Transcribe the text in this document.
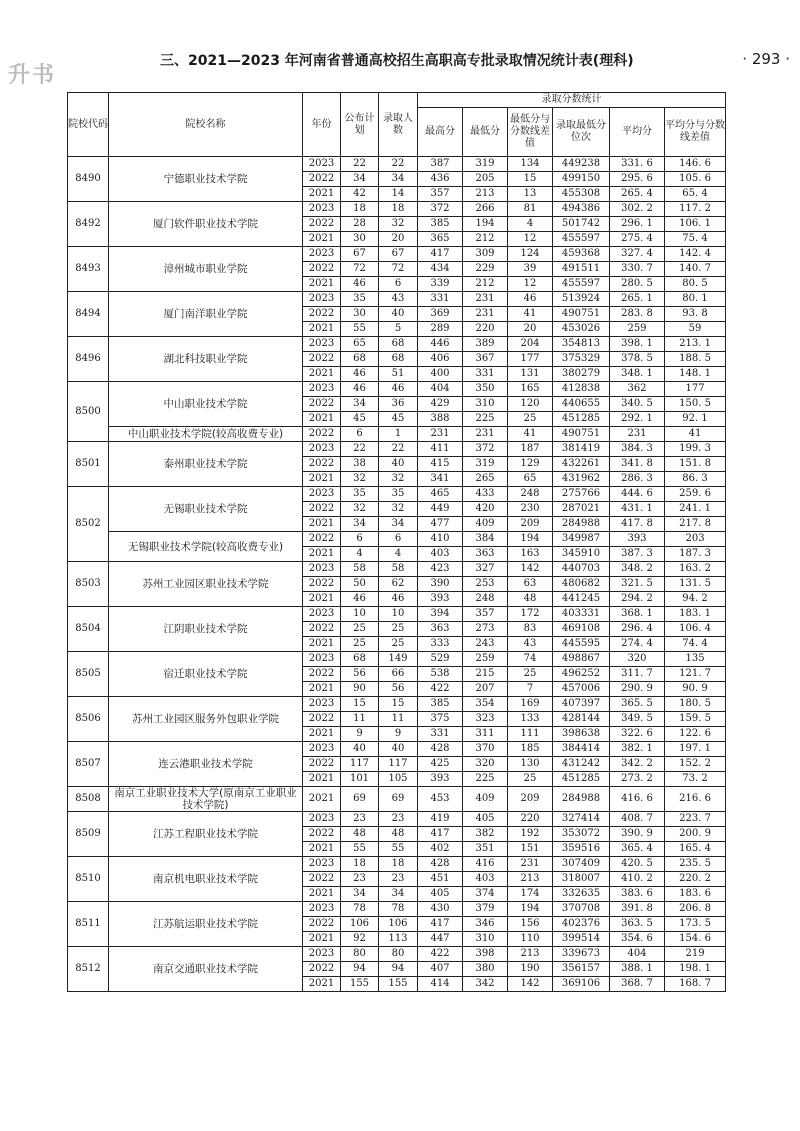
升书
三、2021—2023 年河南省普通高校招生高职高专批录取情况统计表(理科)	· 293 ·
院校代码	院校名称	年份	公布计划	录取人数	录取分数统计					
					最高分	最低分	最低分与分数线差值	录取最低分位次	平均分	平均分与分数线差值
8490	宁德职业技术学院	2023	22	22	387	319	134	449238	331. 6	146. 6
		2022	34	34	436	205	15	499150	295. 6	105. 6
		2021	42	14	357	213	13	455308	265. 4	65. 4
8492	厦门软件职业技术学院	2023	18	18	372	266	81	494386	302. 2	117. 2
		2022	28	32	385	194	4	501742	296. 1	106. 1
		2021	30	20	365	212	12	455597	275. 4	75. 4
8493	漳州城市职业学院	2023	67	67	417	309	124	459368	327. 4	142. 4
		2022	72	72	434	229	39	491511	330. 7	140. 7
		2021	46	6	339	212	12	455597	280. 5	80. 5
8494	厦门南洋职业学院	2023	35	43	331	231	46	513924	265. 1	80. 1
		2022	30	40	369	231	41	490751	283. 8	93. 8
		2021	55	5	289	220	20	453026	259	59
8496	湖北科技职业学院	2023	65	68	446	389	204	354813	398. 1	213. 1
		2022	68	68	406	367	177	375329	378. 5	188. 5
		2021	46	51	400	331	131	380279	348. 1	148. 1
8500	中山职业技术学院	2023	46	46	404	350	165	412838	362	177
		2022	34	36	429	310	120	440655	340. 5	150. 5
		2021	45	45	388	225	25	451285	292. 1	92. 1
	中山职业技术学院(较高收费专业)	2022	6	1	231	231	41	490751	231	41
8501	泰州职业技术学院	2023	22	22	411	372	187	381419	384. 3	199. 3
		2022	38	40	415	319	129	432261	341. 8	151. 8
		2021	32	32	341	265	65	431962	286. 3	86. 3
8502	无锡职业技术学院	2023	35	35	465	433	248	275766	444. 6	259. 6
		2022	32	32	449	420	230	287021	431. 1	241. 1
		2021	34	34	477	409	209	284988	417. 8	217. 8
	无锡职业技术学院(较高收费专业)	2022	6	6	410	384	194	349987	393	203
		2021	4	4	403	363	163	345910	387. 3	187. 3
8503	苏州工业园区职业技术学院	2023	58	58	423	327	142	440703	348. 2	163. 2
		2022	50	62	390	253	63	480682	321. 5	131. 5
		2021	46	46	393	248	48	441245	294. 2	94. 2
8504	江阴职业技术学院	2023	10	10	394	357	172	403331	368. 1	183. 1
		2022	25	25	363	273	83	469108	296. 4	106. 4
		2021	25	25	333	243	43	445595	274. 4	74. 4
8505	宿迁职业技术学院	2023	68	149	529	259	74	498867	320	135
		2022	56	66	538	215	25	496252	311. 7	121. 7
		2021	90	56	422	207	7	457006	290. 9	90. 9
8506	苏州工业园区服务外包职业学院	2023	15	15	385	354	169	407397	365. 5	180. 5
		2022	11	11	375	323	133	428144	349. 5	159. 5
		2021	9	9	331	311	111	398638	322. 6	122. 6
8507	连云港职业技术学院	2023	40	40	428	370	185	384414	382. 1	197. 1
		2022	117	117	425	320	130	431242	342. 2	152. 2
		2021	101	105	393	225	25	451285	273. 2	73. 2
8508	南京工业职业技术大学(原南京工业职业技术学院)	2021	69	69	453	409	209	284988	416. 6	216. 6
8509	江苏工程职业技术学院	2023	23	23	419	405	220	327414	408. 7	223. 7
		2022	48	48	417	382	192	353072	390. 9	200. 9
		2021	55	55	402	351	151	359516	365. 4	165. 4
8510	南京机电职业技术学院	2023	18	18	428	416	231	307409	420. 5	235. 5
		2022	23	23	451	403	213	318007	410. 2	220. 2
		2021	34	34	405	374	174	332635	383. 6	183. 6
8511	江苏航运职业技术学院	2023	78	78	430	379	194	370708	391. 8	206. 8
		2022	106	106	417	346	156	402376	363. 5	173. 5
		2021	92	113	447	310	110	399514	354. 6	154. 6
8512	南京交通职业技术学院	2023	80	80	422	398	213	339673	404	219
		2022	94	94	407	380	190	356157	388. 1	198. 1
		2021	155	155	414	342	142	369106	368. 7	168. 7
